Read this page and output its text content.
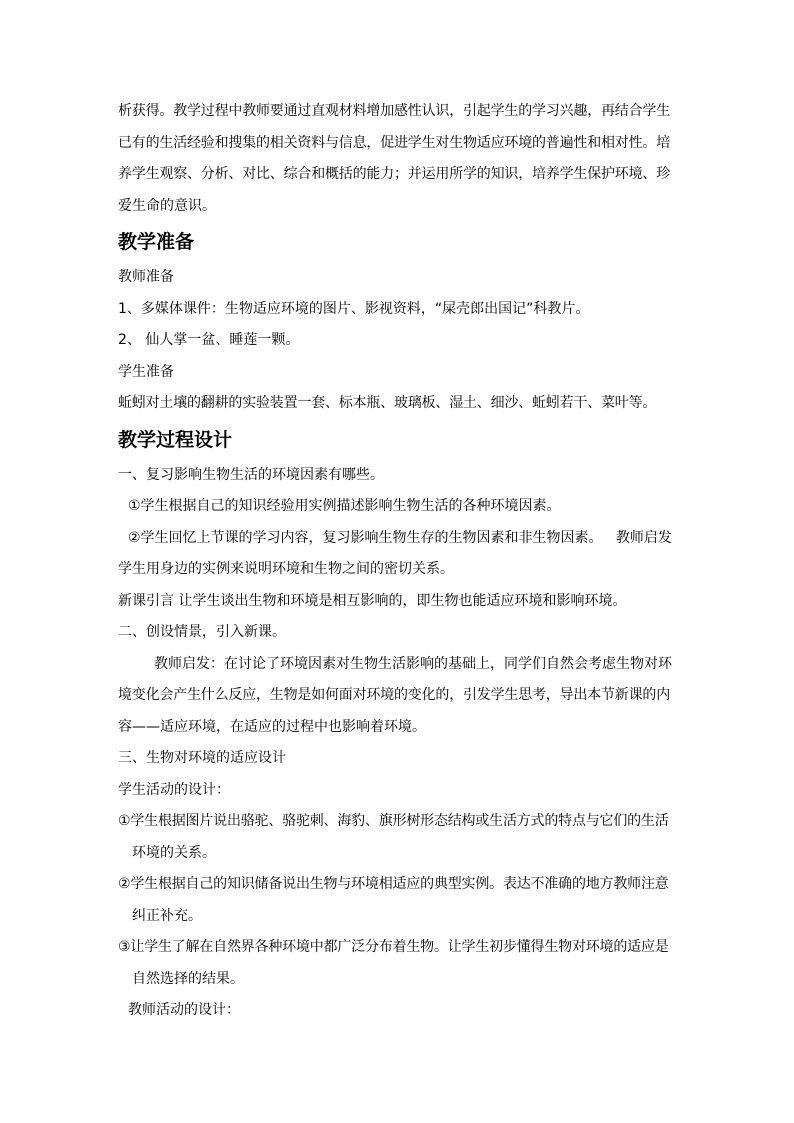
析获得。教学过程中教师要通过直观材料增加感性认识，引起学生的学习兴趣，再结合学生

已有的生活经验和搜集的相关资料与信息，促进学生对生物适应环境的普遍性和相对性。培

养学生观察、分析、对比、综合和概括的能力；并运用所学的知识，培养学生保护环境、珍

爱生命的意识。

教学准备

教师准备

1、多媒体课件：生物适应环境的图片、影视资料，“屎壳郎出国记”科教片。

2、 仙人掌一盆、睡莲一颗。

学生准备

蚯蚓对土壤的翻耕的实验装置一套、标本瓶、玻璃板、湿土、细沙、蚯蚓若干、菜叶等。

教学过程设计

一、复习影响生物生活的环境因素有哪些。

①学生根据自己的知识经验用实例描述影响生物生活的各种环境因素。

②学生回忆上节课的学习内容，复习影响生物生存的生物因素和非生物因素。   教师启发

学生用身边的实例来说明环境和生物之间的密切关系。

新课引言 让学生谈出生物和环境是相互影响的，即生物也能适应环境和影响环境。

二、创设情景，引入新课。

教师启发：在讨论了环境因素对生物生活影响的基础上，同学们自然会考虑生物对环

境变化会产生什么反应，生物是如何面对环境的变化的，引发学生思考，导出本节新课的内

容——适应环境，在适应的过程中也影响着环境。

三、生物对环境的适应设计

学生活动的设计：

①学生根据图片说出骆驼、骆驼刺、海豹、旗形树形态结构或生活方式的特点与它们的生活

环境的关系。

②学生根据自己的知识储备说出生物与环境相适应的典型实例。表达不准确的地方教师注意

纠正补充。

③让学生了解在自然界各种环境中都广泛分布着生物。让学生初步懂得生物对环境的适应是

自然选择的结果。

教师活动的设计：
